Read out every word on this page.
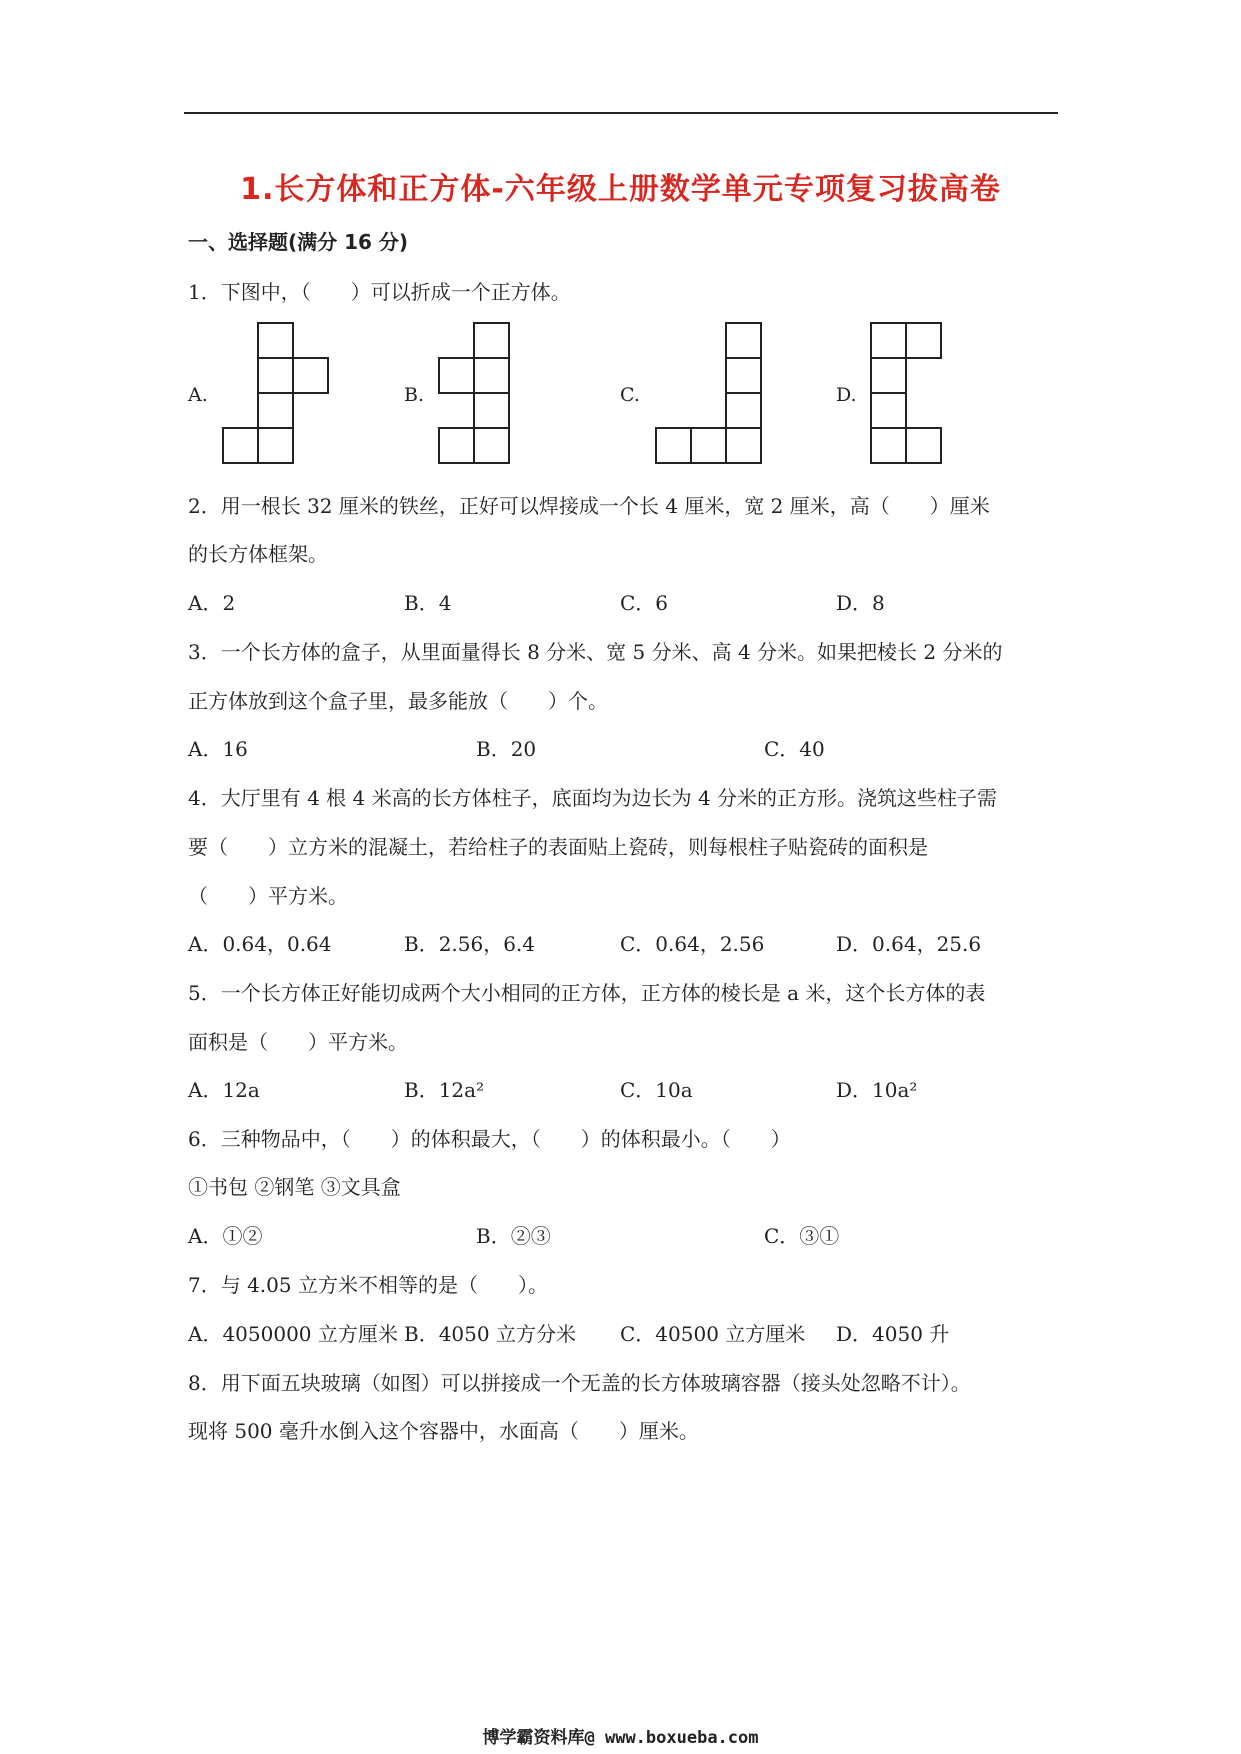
1.长方体和正方体-六年级上册数学单元专项复习拔高卷
一、选择题(满分 16 分)
1．下图中，（　　）可以折成一个正方体。
A.	B.	C.	D.
2．用一根长 32 厘米的铁丝，正好可以焊接成一个长 4 厘米，宽 2 厘米，高（　　）厘米
的长方体框架。
A．2	B．4	C．6	D．8
3．一个长方体的盒子，从里面量得长 8 分米、宽 5 分米、高 4 分米。如果把棱长 2 分米的
正方体放到这个盒子里，最多能放（　　）个。
A．16	B．20	C．40
4．大厅里有 4 根 4 米高的长方体柱子，底面均为边长为 4 分米的正方形。浇筑这些柱子需
要（　　）立方米的混凝土，若给柱子的表面贴上瓷砖，则每根柱子贴瓷砖的面积是
（　　）平方米。
A．0.64，0.64	B．2.56，6.4	C．0.64，2.56	D．0.64，25.6
5．一个长方体正好能切成两个大小相同的正方体，正方体的棱长是 a 米，这个长方体的表
面积是（　　）平方米。
A．12a	B．12a²	C．10a	D．10a²
6．三种物品中，（　　）的体积最大，（　　）的体积最小。（　　）
①书包 ②钢笔 ③文具盒
A．①②	B．②③	C．③①
7．与 4.05 立方米不相等的是（　　）。
A．4050000 立方厘米 B．4050 立方分米 C．40500 立方厘米 D．4050 升
8．用下面五块玻璃（如图）可以拼接成一个无盖的长方体玻璃容器（接头处忽略不计）。
现将 500 毫升水倒入这个容器中，水面高（　　）厘米。
博学霸资料库@ www.boxueba.com
